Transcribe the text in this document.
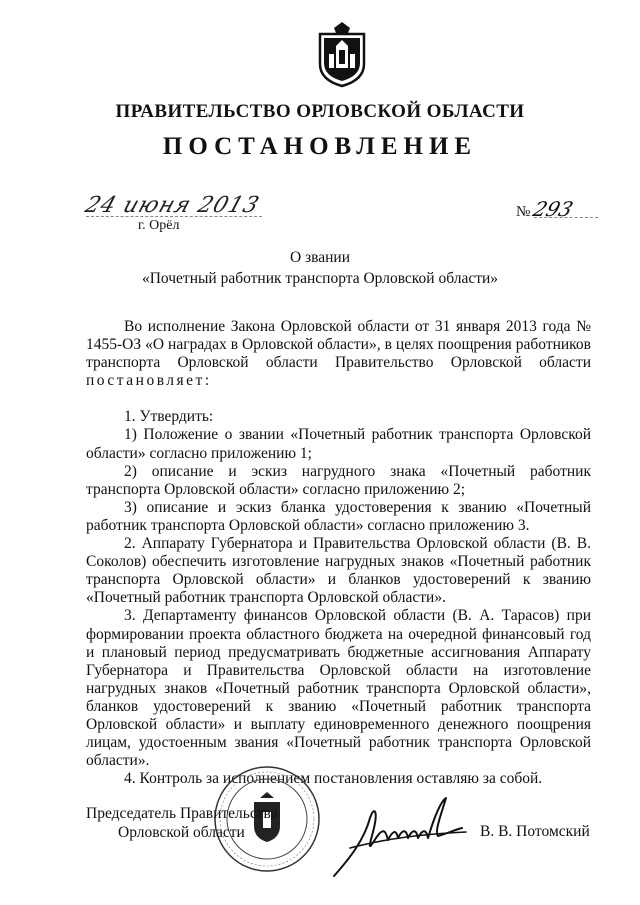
ПРАВИТЕЛЬСТВО ОРЛОВСКОЙ ОБЛАСТИ
ПОСТАНОВЛЕНИЕ
24 июня 2013	№293
г. Орёл
О звании
«Почетный работник транспорта Орловской области»

Во исполнение Закона Орловской области от 31 января 2013 года № 1455-ОЗ «О наградах в Орловской области», в целях поощрения работников транспорта Орловской области Правительство Орловской области постановляет:

1. Утвердить:

1) Положение о звании «Почетный работник транспорта Орловской области» согласно приложению 1;

2) описание и эскиз нагрудного знака «Почетный работник транспорта Орловской области» согласно приложению 2;

3) описание и эскиз бланка удостоверения к званию «Почетный работник транспорта Орловской области» согласно приложению 3.

2. Аппарату Губернатора и Правительства Орловской области (В. В. Соколов) обеспечить изготовление нагрудных знаков «Почетный работник транспорта Орловской области» и бланков удостоверений к званию «Почетный работник транспорта Орловской области».

3. Департаменту финансов Орловской области (В. А. Тарасов) при формировании проекта областного бюджета на очередной финансовый год и плановый период предусматривать бюджетные ассигнования Аппарату Губернатора и Правительства Орловской области на изготовление нагрудных знаков «Почетный работник транспорта Орловской области», бланков удостоверений к званию «Почетный работник транспорта Орловской области» и выплату единовременного денежного поощрения лицам, удостоенным звания «Почетный работник транспорта Орловской области».

4. Контроль за исполнением постановления оставляю за собой.

Председатель Правительства
Орловской области	В. В. Потомский
